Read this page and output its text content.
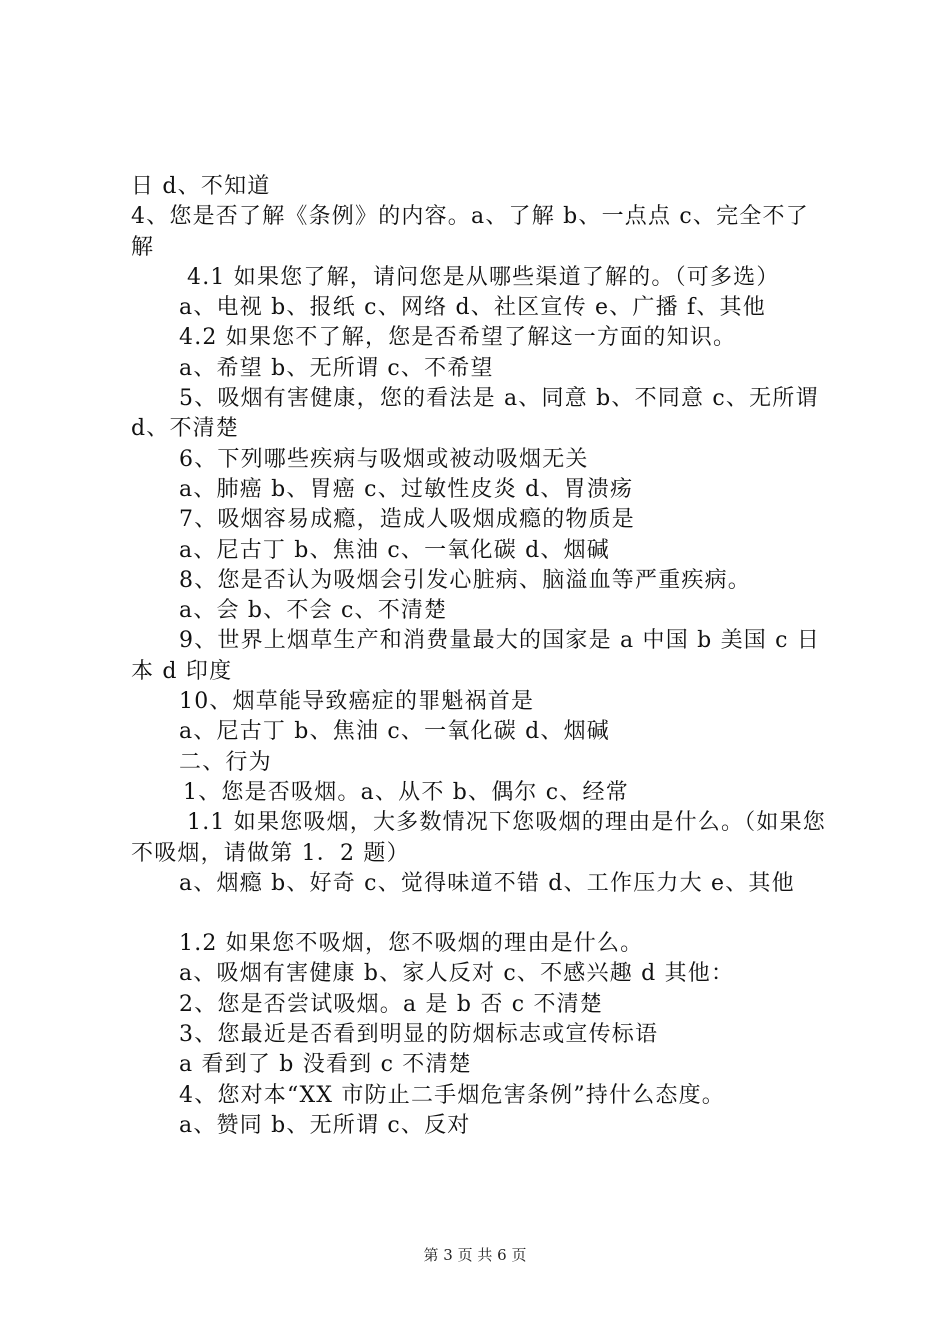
日 d、不知道
4、您是否了解《条例》的内容。a、了解 b、一点点 c、完全不了解
4.1 如果您了解，请问您是从哪些渠道了解的。（可多选）
a、电视 b、报纸 c、网络 d、社区宣传 e、广播 f、其他
4.2 如果您不了解，您是否希望了解这一方面的知识。
a、希望 b、无所谓 c、不希望
5、吸烟有害健康，您的看法是 a、同意 b、不同意 c、无所谓 d、不清楚
6、下列哪些疾病与吸烟或被动吸烟无关
a、肺癌 b、胃癌 c、过敏性皮炎 d、胃溃疡
7、吸烟容易成瘾，造成人吸烟成瘾的物质是
a、尼古丁 b、焦油 c、一氧化碳 d、烟碱
8、您是否认为吸烟会引发心脏病、脑溢血等严重疾病。
a、会 b、不会 c、不清楚
9、世界上烟草生产和消费量最大的国家是 a 中国 b 美国 c 日本 d 印度
10、烟草能导致癌症的罪魁祸首是
a、尼古丁 b、焦油 c、一氧化碳 d、烟碱
二、行为
1、您是否吸烟。a、从不 b、偶尔 c、经常
1.1 如果您吸烟，大多数情况下您吸烟的理由是什么。（如果您不吸烟，请做第 1．2 题）
a、烟瘾 b、好奇 c、觉得味道不错 d、工作压力大 e、其他
1.2 如果您不吸烟，您不吸烟的理由是什么。
a、吸烟有害健康 b、家人反对 c、不感兴趣 d 其他：
2、您是否尝试吸烟。a 是 b 否 c 不清楚
3、您最近是否看到明显的防烟标志或宣传标语
a 看到了 b 没看到 c 不清楚
4、您对本“XX 市防止二手烟危害条例”持什么态度。
a、赞同 b、无所谓 c、反对
第 3 页 共 6 页
